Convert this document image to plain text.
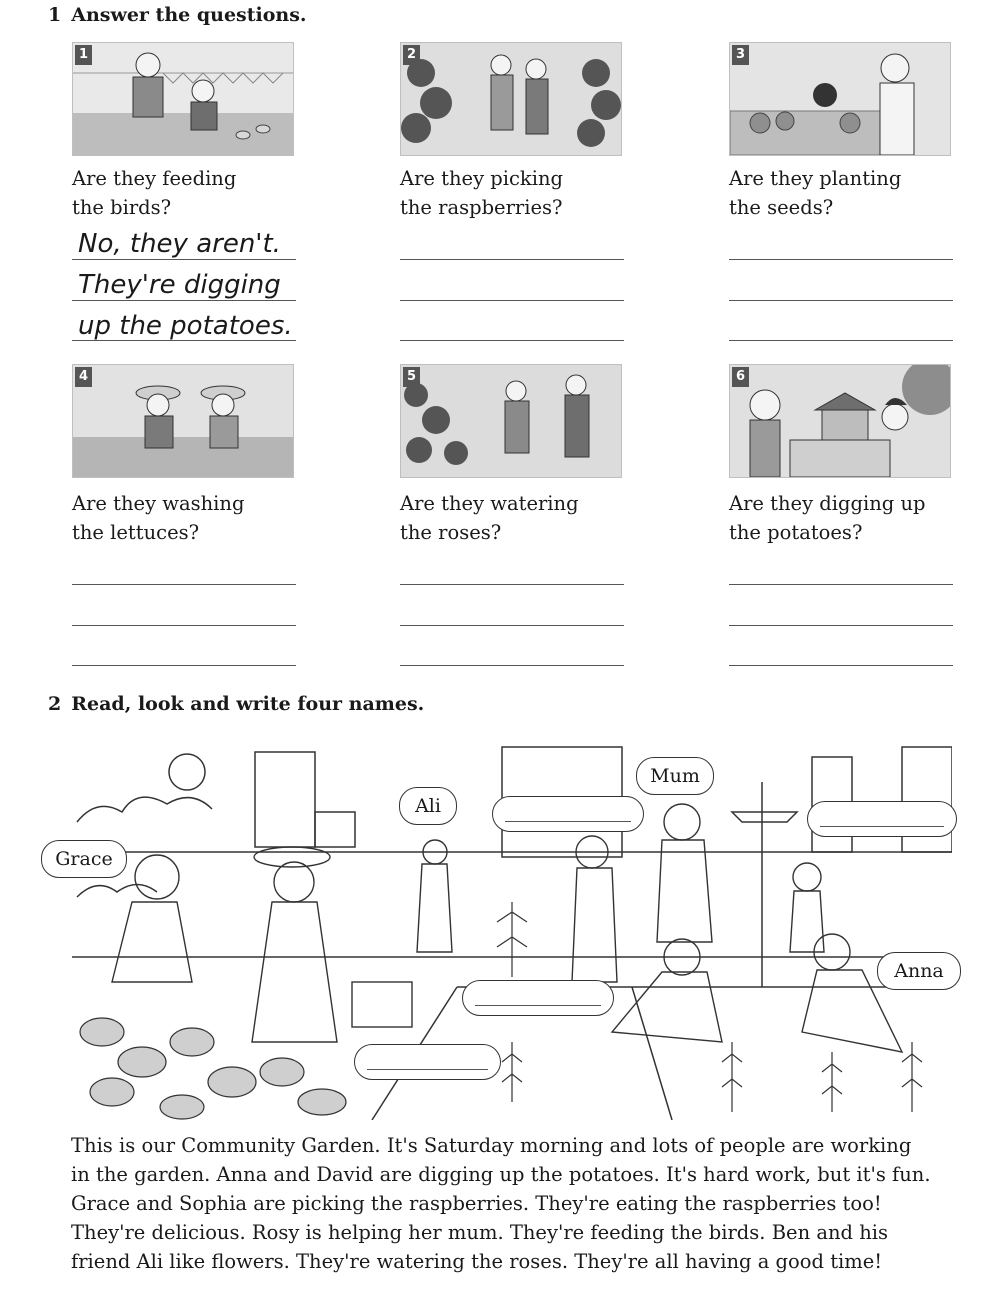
1 Answer the questions.
1	2	3
Are they feeding
the birds?
Are they picking
the raspberries?
Are they planting
the seeds?
No, they aren't.
They're digging
up the potatoes.
4	5	6
Are they washing
the lettuces?
Are they watering
the roses?
Are they digging up
the potatoes?
2 Read, look and write four names.
Grace
Ali
Mum
Anna

This is our Community Garden. It's Saturday morning and lots of people are working

in the garden. Anna and David are digging up the potatoes. It's hard work, but it's fun.

Grace and Sophia are picking the raspberries. They're eating the raspberries too!

They're delicious. Rosy is helping her mum. They're feeding the birds. Ben and his

friend Ali like flowers. They're watering the roses. They're all having a good time!
